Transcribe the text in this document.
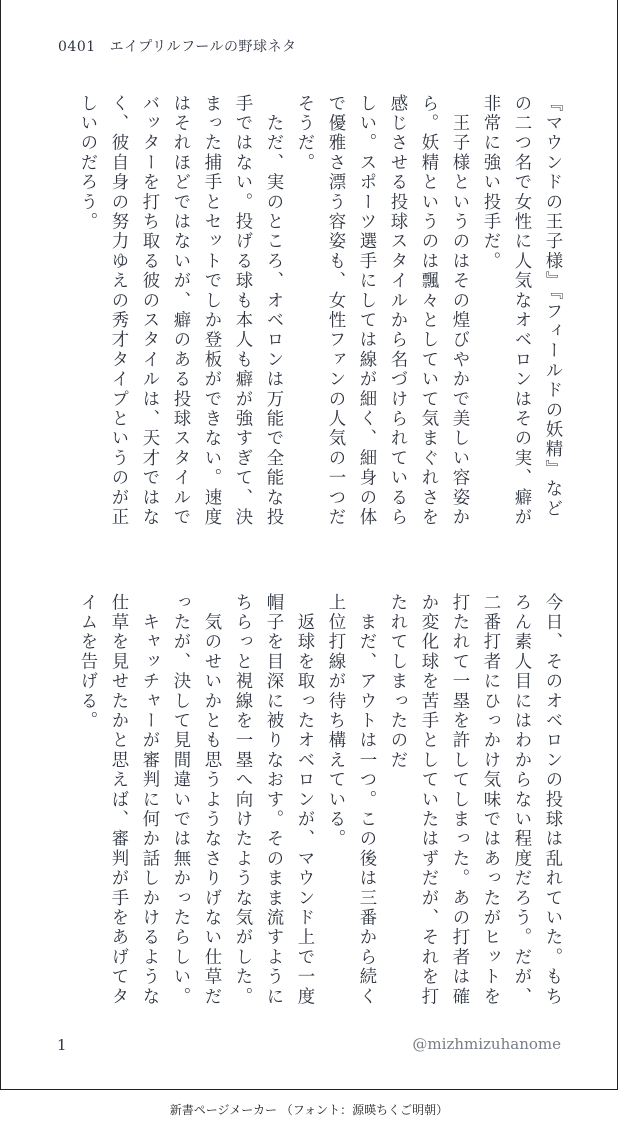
0401 エイプリルフールの野球ネタ
『マウンドの王子様』『フィールドの妖精』などの二つ名で女性に人気なオベロンはその実、癖が非常に強い投手だ。
　王子様というのはその煌びやかで美しい容姿から。妖精というのは飄々としていて気まぐれさを感じさせる投球スタイルから名づけられているらしい。スポーツ選手にしては線が細く、細身の体で優雅さ漂う容姿も、女性ファンの人気の一つだそうだ。
　ただ、実のところ、オベロンは万能で全能な投手ではない。投げる球も本人も癖が強すぎて、決まった捕手とセットでしか登板ができない。速度はそれほどではないが、癖のある投球スタイルでバッターを打ち取る彼のスタイルは、天才ではなく、彼自身の努力ゆえの秀才タイプというのが正しいのだろう。
今日、そのオベロンの投球は乱れていた。もちろん素人目にはわからない程度だろう。だが、二番打者にひっかけ気味ではあったがヒットを打たれて一塁を許してしまった。あの打者は確か変化球を苦手としていたはずだが、それを打たれてしまったのだ
　まだ、アウトは一つ。この後は三番から続く上位打線が待ち構えている。
　返球を取ったオベロンが、マウンド上で一度帽子を目深に被りなおす。そのまま流すようにちらっと視線を一塁へ向けたような気がした。
　気のせいかとも思うようなさりげない仕草だったが、決して見間違いでは無かったらしい。
　キャッチャーが審判に何か話しかけるような仕草を見せたかと思えば、審判が手をあげてタイムを告げる。
1	@mizhmizuhanome
新書ページメーカー （フォント：源暎ちくご明朝）
